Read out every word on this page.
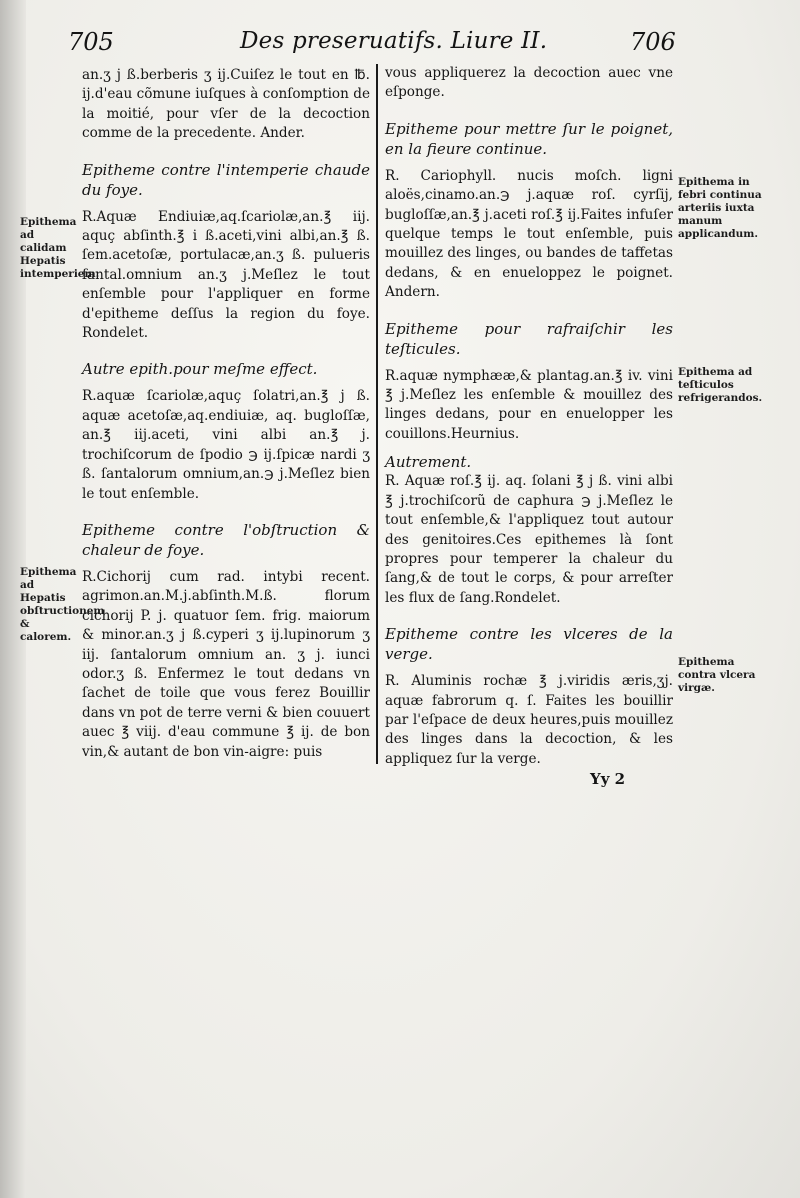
705	Des preseruatifs. Liure II.	706

an.ʒ j ß.berberis ʒ ij.Cuiſez le tout en ℔. ij.d'eau cõmune iuſques à conſomption de la moitié, pour vſer de la decoction comme de la precedente. Ander.

Epitheme contre l'intemperie chaude du foye.

R.Aquæ Endiuiæ,aq.ſcariolæ,an.℥ iij. aquç abſinth.℥ i ß.aceti,vini albi,an.℥ ß. ſem.acetoſæ, portulacæ,an.ʒ ß. pulueris ſantal.omnium an.ʒ j.Meſlez le tout enſemble pour l'appliquer en forme d'epitheme deſſus la region du foye. Rondelet.

Autre epith.pour meſme effect.

R.aquæ ſcariolæ,aquç ſolatri,an.℥ j ß. aquæ acetoſæ,aq.endiuiæ, aq. bugloſſæ, an.℥ iij.aceti, vini albi an.℥ j. trochiſcorum de ſpodio ℈ ij.ſpicæ nardi ʒ ß. ſantalorum omnium,an.℈ j.Meſlez bien le tout enſemble.

Epitheme contre l'obſtruction & chaleur de foye.

R.Cichorij cum rad. intybi recent. agrimon.an.M.j.abſinth.M.ß. florum cichorij P. j. quatuor ſem. frig. maiorum & minor.an.ʒ j ß.cyperi ʒ ij.lupinorum ʒ iij. ſantalorum omnium an. ʒ j. iunci odor.ʒ ß. Enfermez le tout dedans vn ſachet de toile que vous ferez Bouillir dans vn pot de terre verni & bien couuert auec ℥ viij. d'eau commune ℥ ij. de bon vin,& autant de bon vin-aigre: puis

vous appliquerez la decoction auec vne eſponge.

Epitheme pour mettre ſur le poignet, en la fieure continue.

R. Cariophyll. nucis moſch. ligni aloës,cinamo.an.℈ j.aquæ roſ. cyrſij, bugloſſæ,an.℥ j.aceti roſ.℥ ij.Faites infuſer quelque temps le tout enſemble, puis mouillez des linges, ou bandes de taffetas dedans, & en enueloppez le poignet. Andern.

Epitheme pour rafraiſchir les teſticules.

R.aquæ nymphææ,& plantag.an.℥ iv. vini ℥ j.Meſlez les enſemble & mouillez des linges dedans, pour en enuelopper les couillons.Heurnius.

Autrement.

R. Aquæ roſ.℥ ij. aq. ſolani ℥ j ß. vini albi ℥ j.trochiſcorũ de caphura ℈ j.Meſlez le tout enſemble,& l'appliquez tout autour des genitoires.Ces epithemes là ſont propres pour temperer la chaleur du ſang,& de tout le corps, & pour arreſter les flux de ſang.Rondelet.

Epitheme contre les vlceres de la verge.

R. Aluminis rochæ ℥ j.viridis æris,ʒj. aquæ fabrorum q. ſ. Faites les bouillir par l'eſpace de deux heures,puis mouillez des linges dans la decoction, & les appliquez ſur la verge.

Epithema ad calidam Hepatis intemperiem.
Epithema ad Hepatis obſtructionem & calorem.
Epithema in febri continua arteriis iuxta manum applicandum.
Epithema ad teſticulos refrigerandos.
Epithema contra vlcera virgæ.
Yy 2
